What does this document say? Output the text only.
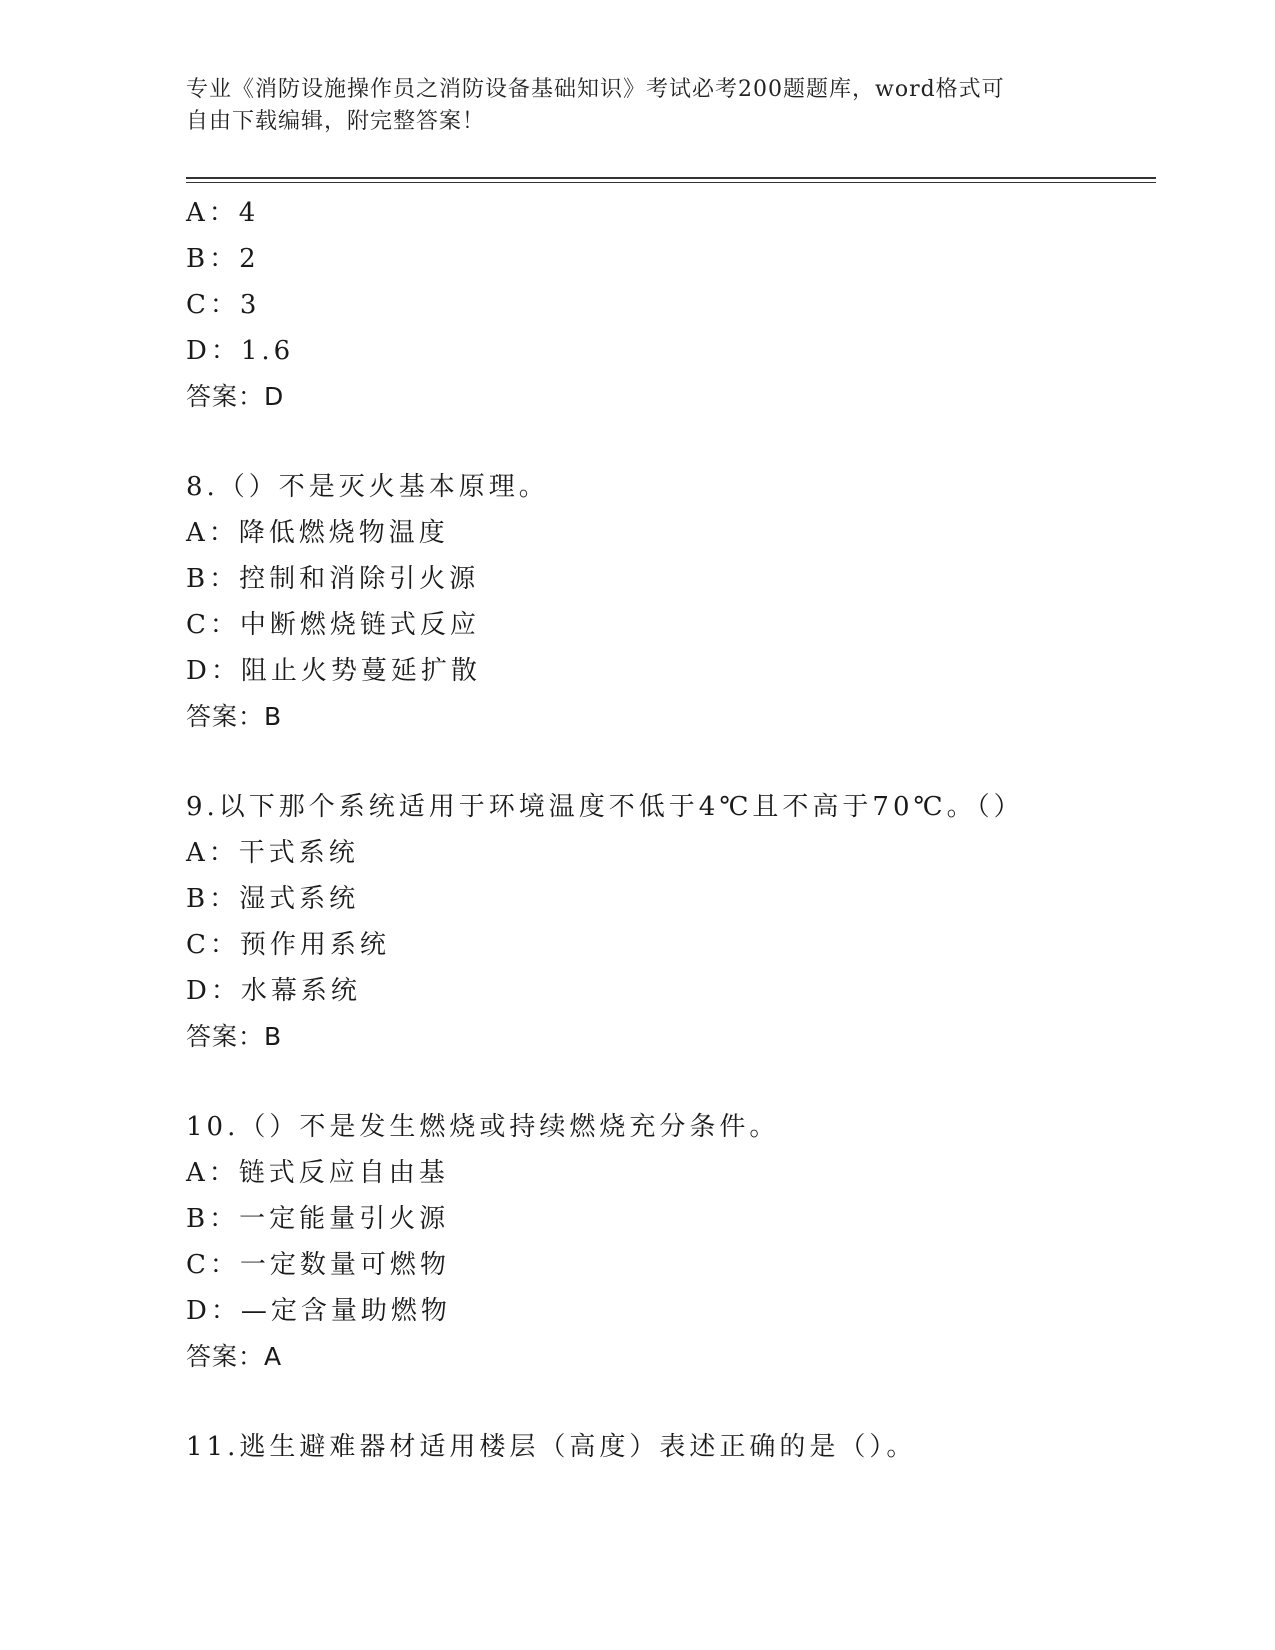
专业《消防设施操作员之消防设备基础知识》考试必考200题题库，word格式可
自由下载编辑，附完整答案！
A：4
B：2
C：3
D：1.6
答案：D
8.（）不是灭火基本原理。
A：降低燃烧物温度
B：控制和消除引火源
C：中断燃烧链式反应
D：阻止火势蔓延扩散
答案：B
9.以下那个系统适用于环境温度不低于4℃且不高于70℃。（）
A：干式系统
B：湿式系统
C：预作用系统
D：水幕系统
答案：B
10.（）不是发生燃烧或持续燃烧充分条件。
A：链式反应自由基
B：一定能量引火源
C：一定数量可燃物
D：—定含量助燃物
答案：A
11.逃生避难器材适用楼层（高度）表述正确的是（）。
